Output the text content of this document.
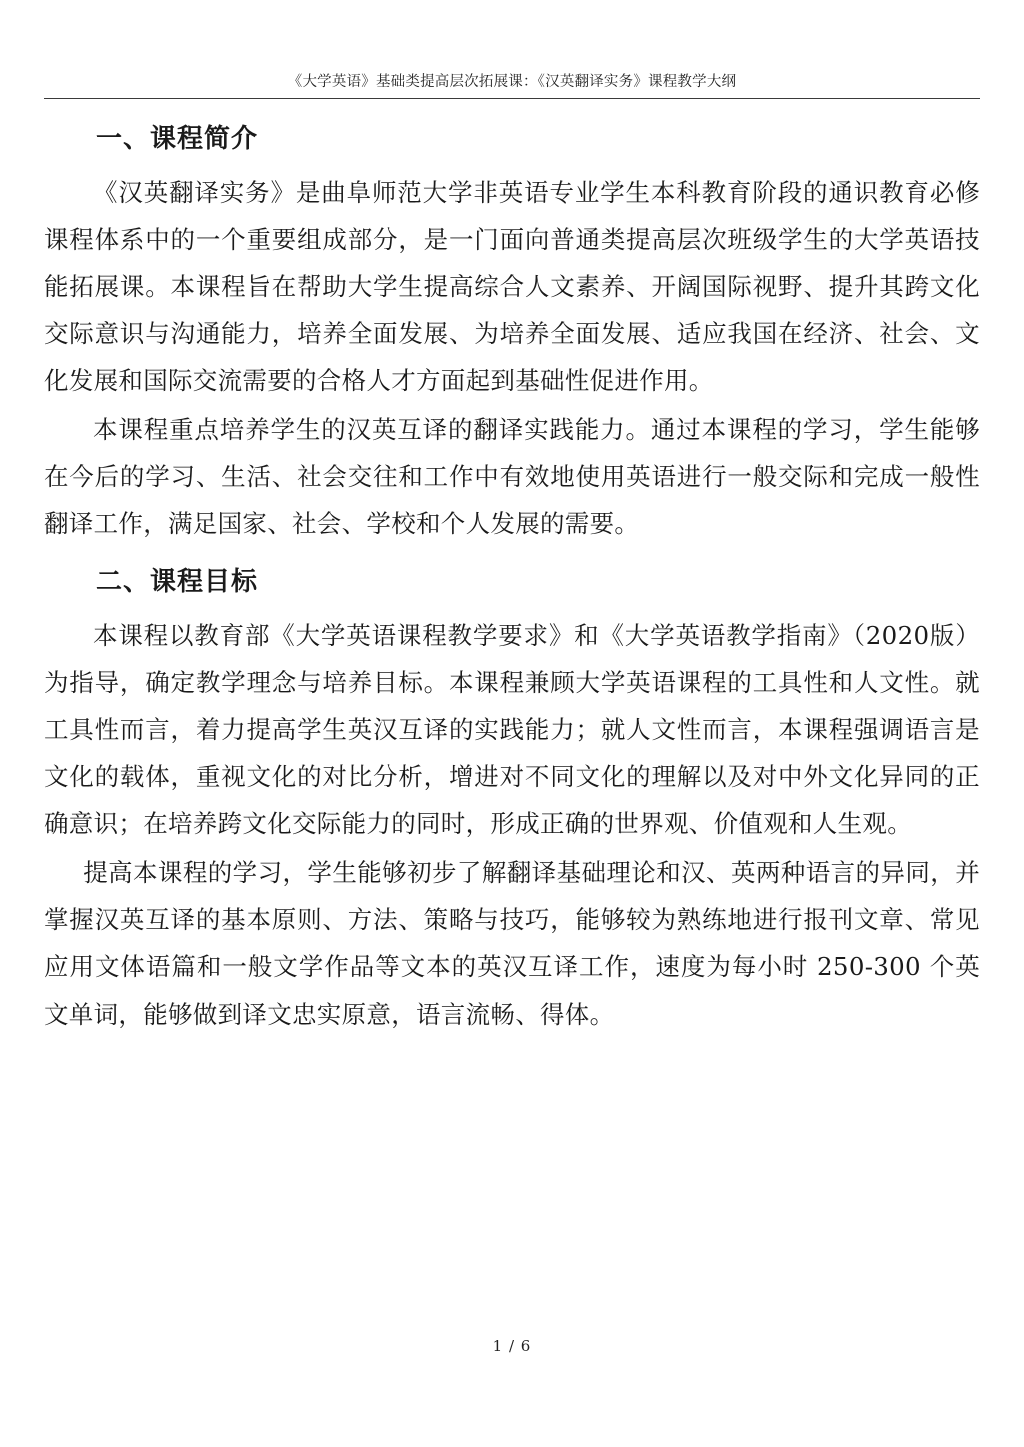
《大学英语》基础类提高层次拓展课：《汉英翻译实务》课程教学大纲
一、课程简介

《汉英翻译实务》是曲阜师范大学非英语专业学生本科教育阶段的通识教育必修课程体系中的一个重要组成部分，是一门面向普通类提高层次班级学生的大学英语技能拓展课。本课程旨在帮助大学生提高综合人文素养、开阔国际视野、提升其跨文化交际意识与沟通能力，培养全面发展、为培养全面发展、适应我国在经济、社会、文化发展和国际交流需要的合格人才方面起到基础性促进作用。

本课程重点培养学生的汉英互译的翻译实践能力。通过本课程的学习，学生能够在今后的学习、生活、社会交往和工作中有效地使用英语进行一般交际和完成一般性翻译工作，满足国家、社会、学校和个人发展的需要。

二、课程目标

本课程以教育部《大学英语课程教学要求》和《大学英语教学指南》（2020版）为指导，确定教学理念与培养目标。本课程兼顾大学英语课程的工具性和人文性。就工具性而言，着力提高学生英汉互译的实践能力；就人文性而言，本课程强调语言是文化的载体，重视文化的对比分析，增进对不同文化的理解以及对中外文化异同的正确意识；在培养跨文化交际能力的同时，形成正确的世界观、价值观和人生观。

提高本课程的学习，学生能够初步了解翻译基础理论和汉、英两种语言的异同，并掌握汉英互译的基本原则、方法、策略与技巧，能够较为熟练地进行报刊文章、常见应用文体语篇和一般文学作品等文本的英汉互译工作，速度为每小时 250-300 个英文单词，能够做到译文忠实原意，语言流畅、得体。

1 / 6
